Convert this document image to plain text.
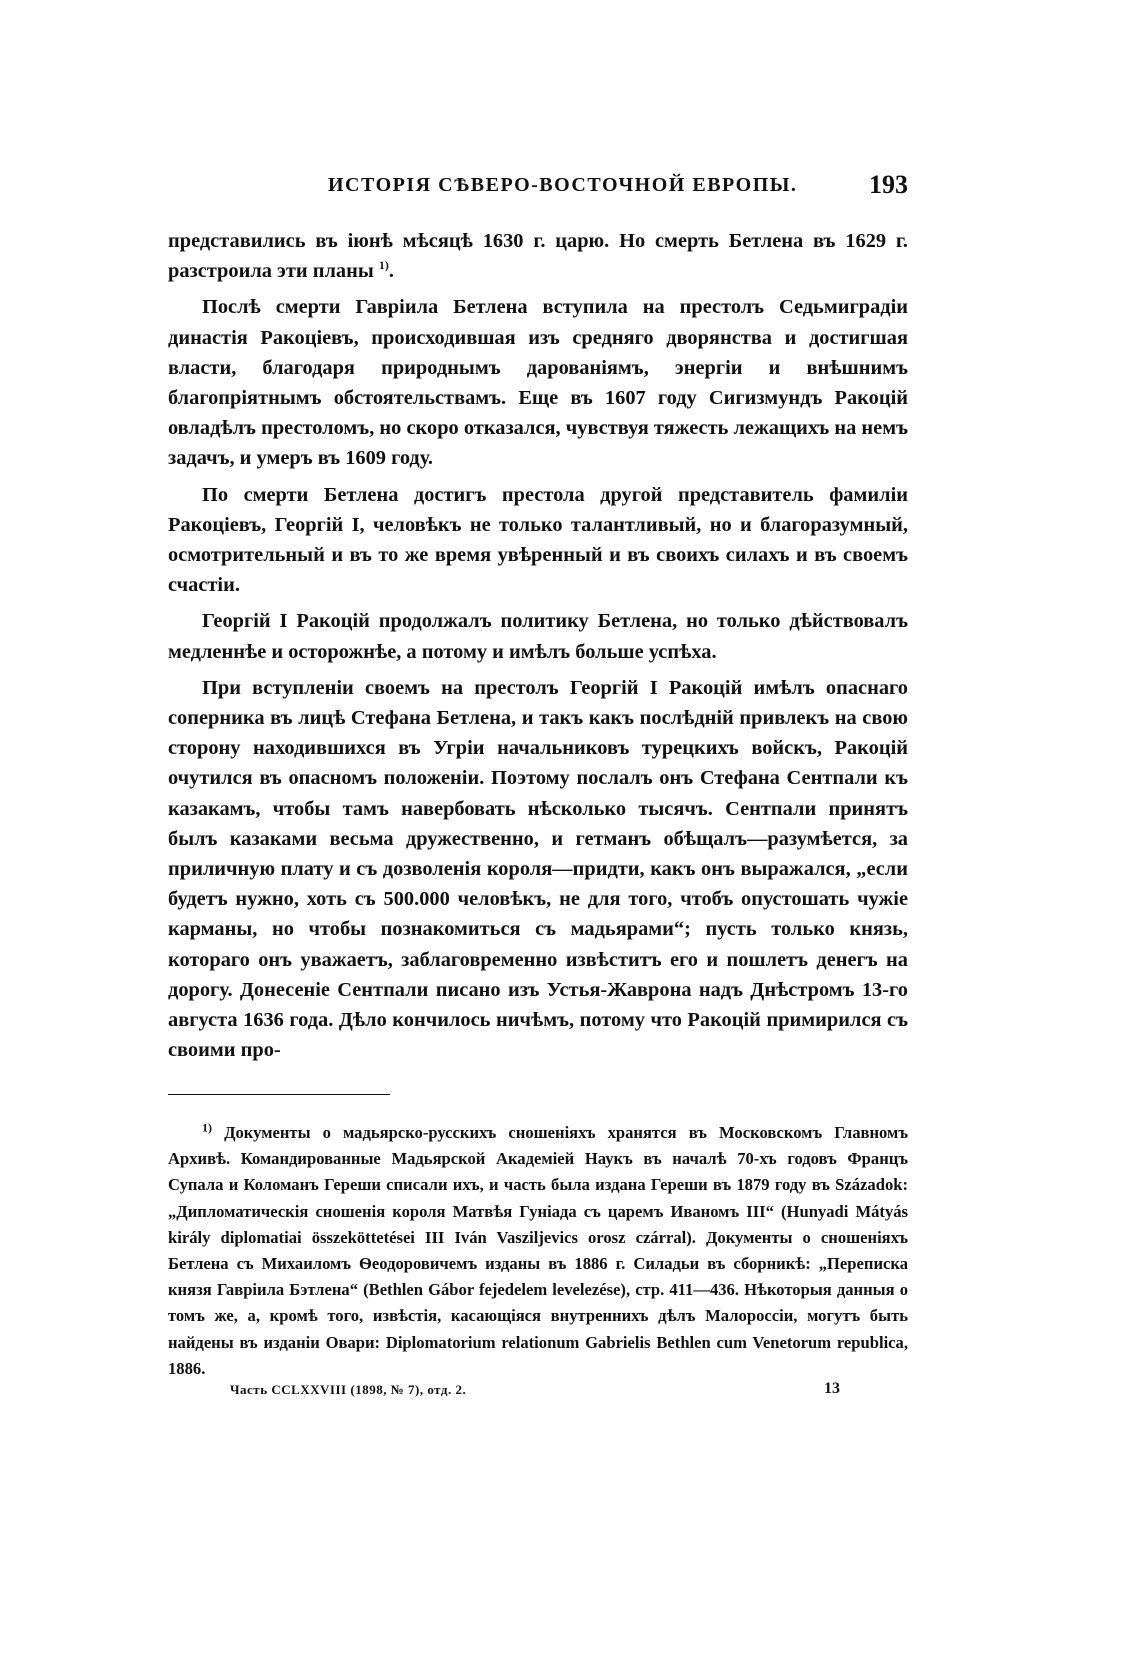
ИСТОРІЯ СѢВЕРО-ВОСТОЧНОЙ ЕВРОПЫ.	193

представились въ іюнѣ мѣсяцѣ 1630 г. царю. Но смерть Бетлена въ 1629 г. разстроила эти планы $^{1)}$.

Послѣ смерти Гавріила Бетлена вступила на престолъ Седьмиградіи династія Ракоціевъ, происходившая изъ средняго дворянства и достигшая власти, благодаря природнымъ дарованіямъ, энергіи и внѣшнимъ благопріятнымъ обстоятельствамъ. Еще въ 1607 году Сигизмундъ Ракоцій овладѣлъ престоломъ, но скоро отказался, чувствуя тяжесть лежащихъ на немъ задачъ, и умеръ въ 1609 году.

По смерти Бетлена достигъ престола другой представитель фамиліи Ракоціевъ, Георгій I, человѣкъ не только талантливый, но и благоразумный, осмотрительный и въ то же время увѣренный и въ своихъ силахъ и въ своемъ счастіи.

Георгій I Ракоцій продолжалъ политику Бетлена, но только дѣйствовалъ медленнѣе и осторожнѣе, а потому и имѣлъ больше успѣха.

При вступленіи своемъ на престолъ Георгій I Ракоцій имѣлъ опаснаго соперника въ лицѣ Стефана Бетлена, и такъ какъ послѣдній привлекъ на свою сторону находившихся въ Угріи начальниковъ турецкихъ войскъ, Ракоцій очутился въ опасномъ положеніи. Поэтому послалъ онъ Стефана Сентпали къ казакамъ, чтобы тамъ навербовать нѣсколько тысячъ. Сентпали принятъ былъ казаками весьма дружественно, и гетманъ обѣщалъ—разумѣется, за приличную плату и съ дозволенія короля—придти, какъ онъ выражался, „если будетъ нужно, хоть съ 500.000 человѣкъ, не для того, чтобъ опустошать чужіе карманы, но чтобы познакомиться съ мадьярами“; пусть только князь, котораго онъ уважаетъ, заблаговременно извѣститъ его и пошлетъ денегъ на дорогу. Донесеніе Сентпали писано изъ Устья-Жаврона надъ Днѣстромъ 13-го августа 1636 года. Дѣло кончилось ничѣмъ, потому что Ракоцій примирился съ своими про-

$^{1)}$ Документы о мадьярско-русскихъ сношеніяхъ хранятся въ Московскомъ Главномъ Архивѣ. Командированные Мадьярской Академіей Наукъ въ началѣ 70-хъ годовъ Францъ Супала и Коломанъ Гереши списали ихъ, и часть была издана Гереши въ 1879 году въ Századok: „Дипломатическія сношенія короля Матвѣя Гуніада съ царемъ Иваномъ III“ (Hunyadi Mátyás király diplomatiai összeköttetései III Iván Vasziljevics orosz czárral). Документы о сношеніяхъ Бетлена съ Михаиломъ Ѳеодоровичемъ изданы въ 1886 г. Силадьи въ сборникѣ: „Переписка князя Гавріила Бэтлена“ (Bethlen Gábor fejedelem levelezése), стр. 411—436. Нѣкоторыя данныя о томъ же, а, кромѣ того, извѣстія, касающіяся внутреннихъ дѣлъ Малороссіи, могутъ быть найдены въ изданіи Овари: Diplomatorium relationum Gabrielis Bethlen cum Venetorum republica, 1886.

Часть CCLXXVIII (1898, № 7), отд. 2.	13
